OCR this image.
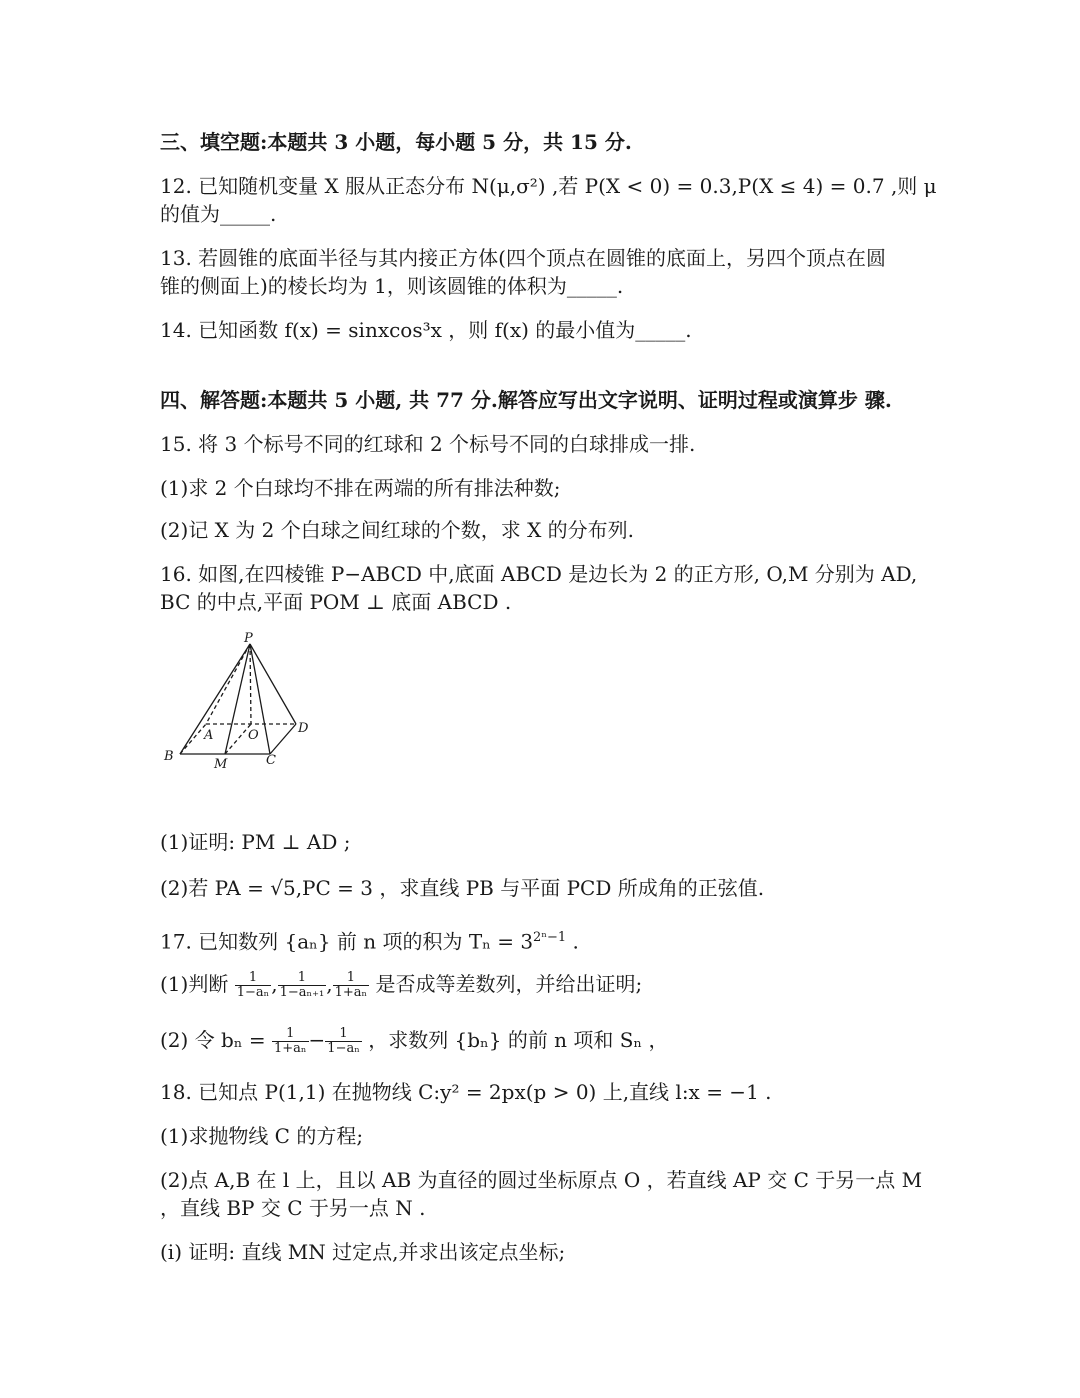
三、填空题:本题共 3 小题，每小题 5 分，共 15 分.
12. 已知随机变量 X 服从正态分布 N(μ,σ²) ,若 P(X < 0) = 0.3,P(X ≤ 4) = 0.7 ,则 μ
的值为_____.
13. 若圆锥的底面半径与其内接正方体(四个顶点在圆锥的底面上，另四个顶点在圆
锥的侧面上)的棱长均为 1，则该圆锥的体积为_____.
14. 已知函数 f(x) = sinxcos³x ，则 f(x) 的最小值为_____.
四、解答题:本题共 5 小题, 共 77 分.解答应写出文字说明、证明过程或演算步 骤.
15. 将 3 个标号不同的红球和 2 个标号不同的白球排成一排.
(1)求 2 个白球均不排在两端的所有排法种数;
(2)记 X 为 2 个白球之间红球的个数，求 X 的分布列.
16. 如图,在四棱锥 P−ABCD 中,底面 ABCD 是边长为 2 的正方形, O,M 分别为 AD,
BC 的中点,平面 POM ⊥ 底面 ABCD .
P
A	O	D
B
M	C
(1)证明: PM ⊥ AD ;
(2)若 PA = √5,PC = 3 ，求直线 PB 与平面 PCD 所成角的正弦值.
17. 已知数列 {aₙ} 前 n 项的积为 $T_n = 3^{2^n-1}$ .
(1)判断 $\frac{1}{\text{1−aₙ}}$ , $\frac{1}{\text{1−aₙ₊₁}}$ , $\frac{1}{\text{1+aₙ}}$ 是否成等差数列，并给出证明;
(2) 令 $b_n = \frac{1}{\text{1+aₙ}} - \frac{1}{\text{1−aₙ}}$ ，求数列 {bₙ} 的前 n 项和 Sₙ ，
18. 已知点 P(1,1) 在抛物线 C:y² = 2px(p > 0) 上,直线 l:x = −1 .
(1)求抛物线 C 的方程;
(2)点 A,B 在 l 上，且以 AB 为直径的圆过坐标原点 O ，若直线 AP 交 C 于另一点 M
，直线 BP 交 C 于另一点 N .
(i) 证明: 直线 MN 过定点,并求出该定点坐标;
